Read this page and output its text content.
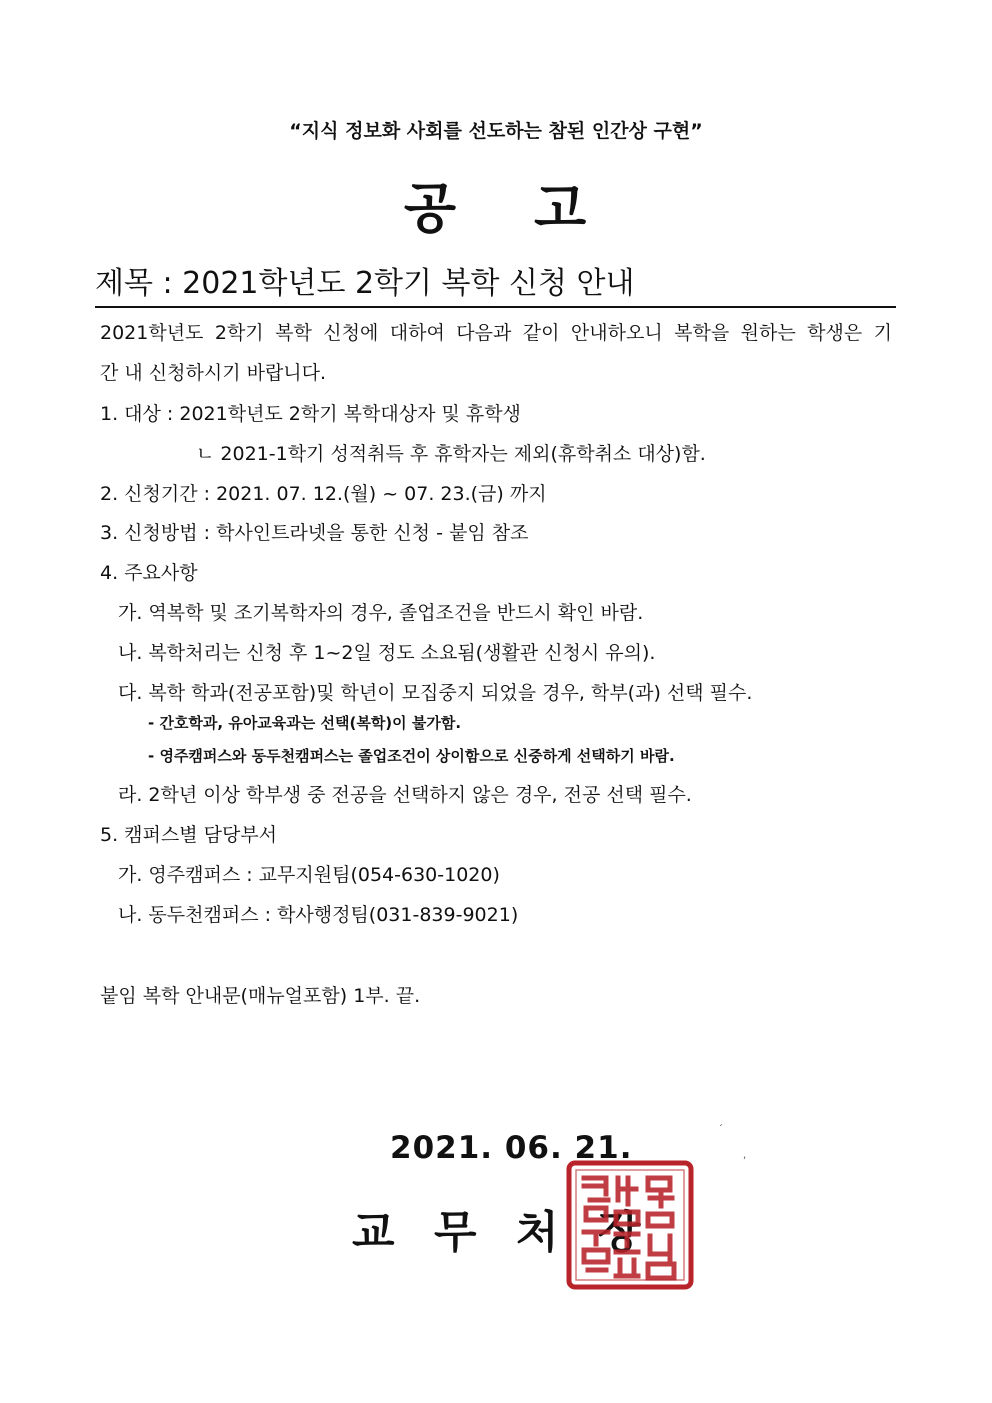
“지식 정보화 사회를 선도하는 참된 인간상 구현”
공 고
제목 : 2021학년도 2학기 복학 신청 안내
2021학년도 2학기 복학 신청에 대하여 다음과 같이 안내하오니 복학을 원하는 학생은 기
간 내 신청하시기 바랍니다.
1. 대상 : 2021학년도 2학기 복학대상자 및 휴학생
ㄴ 2021-1학기 성적취득 후 휴학자는 제외(휴학취소 대상)함.
2. 신청기간 : 2021. 07. 12.(월) ~ 07. 23.(금) 까지
3. 신청방법 : 학사인트라넷을 통한 신청 - 붙임 참조
4. 주요사항
가. 역복학 및 조기복학자의 경우, 졸업조건을 반드시 확인 바람.
나. 복학처리는 신청 후 1~2일 정도 소요됨(생활관 신청시 유의).
다. 복학 학과(전공포함)및 학년이 모집중지 되었을 경우, 학부(과) 선택 필수.
- 간호학과, 유아교육과는 선택(복학)이 불가함.
- 영주캠퍼스와 동두천캠퍼스는 졸업조건이 상이함으로 신중하게 선택하기 바람.
라. 2학년 이상 학부생 중 전공을 선택하지 않은 경우, 전공 선택 필수.
5. 캠퍼스별 담당부서
가. 영주캠퍼스 : 교무지원팀(054-630-1020)
나. 동두천캠퍼스 : 학사행정팀(031-839-9021)
붙임 복학 안내문(매뉴얼포함) 1부. 끝.
2021. 06. 21.
교 무 처 장
´
,
